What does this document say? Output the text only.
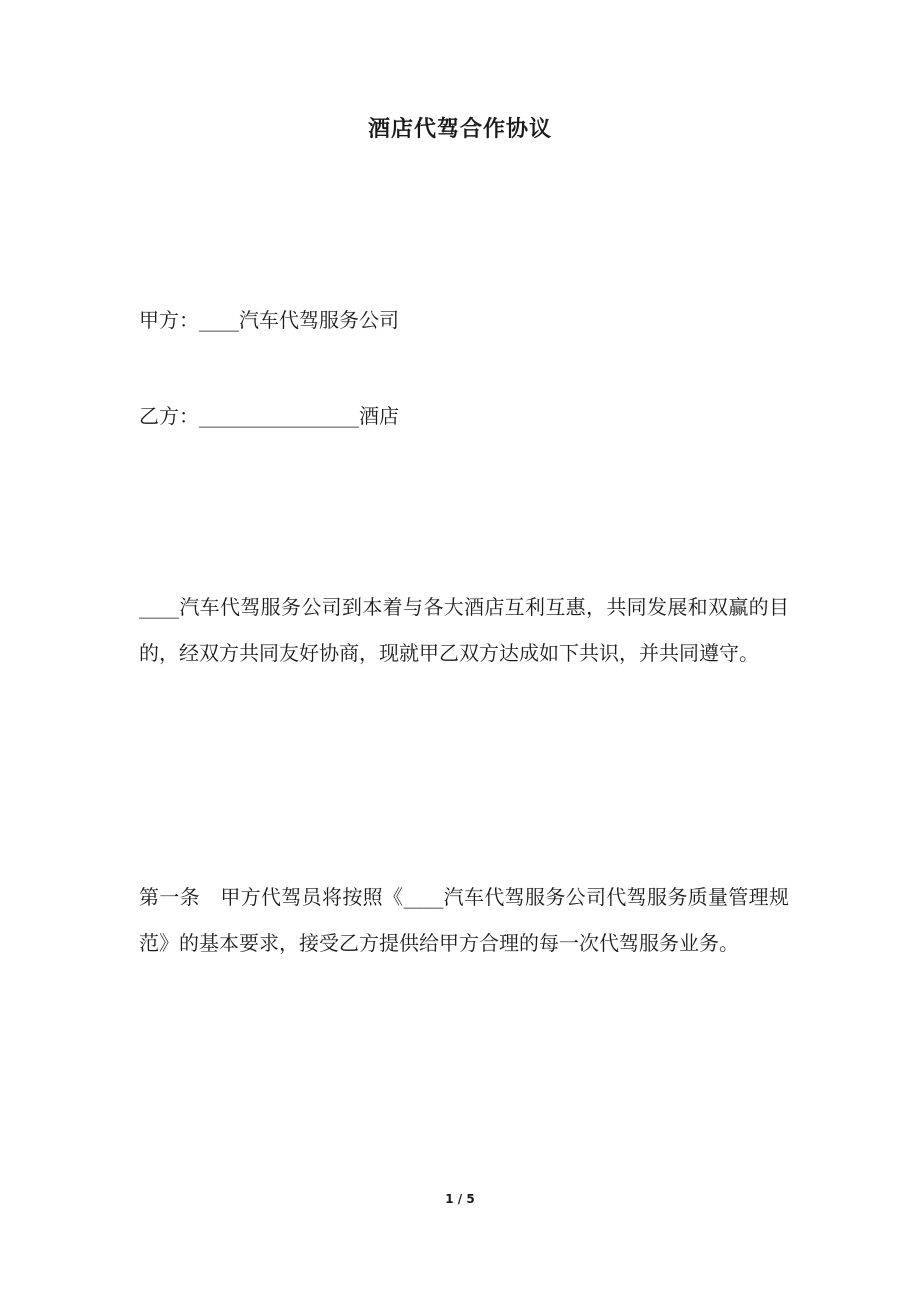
酒店代驾合作协议

甲方：____汽车代驾服务公司

乙方：________________酒店

____汽车代驾服务公司到本着与各大酒店互利互惠，共同发展和双赢的目的，经双方共同友好协商，现就甲乙双方达成如下共识，并共同遵守。

第一条　甲方代驾员将按照《____汽车代驾服务公司代驾服务质量管理规范》的基本要求，接受乙方提供给甲方合理的每一次代驾服务业务。

1 / 5
